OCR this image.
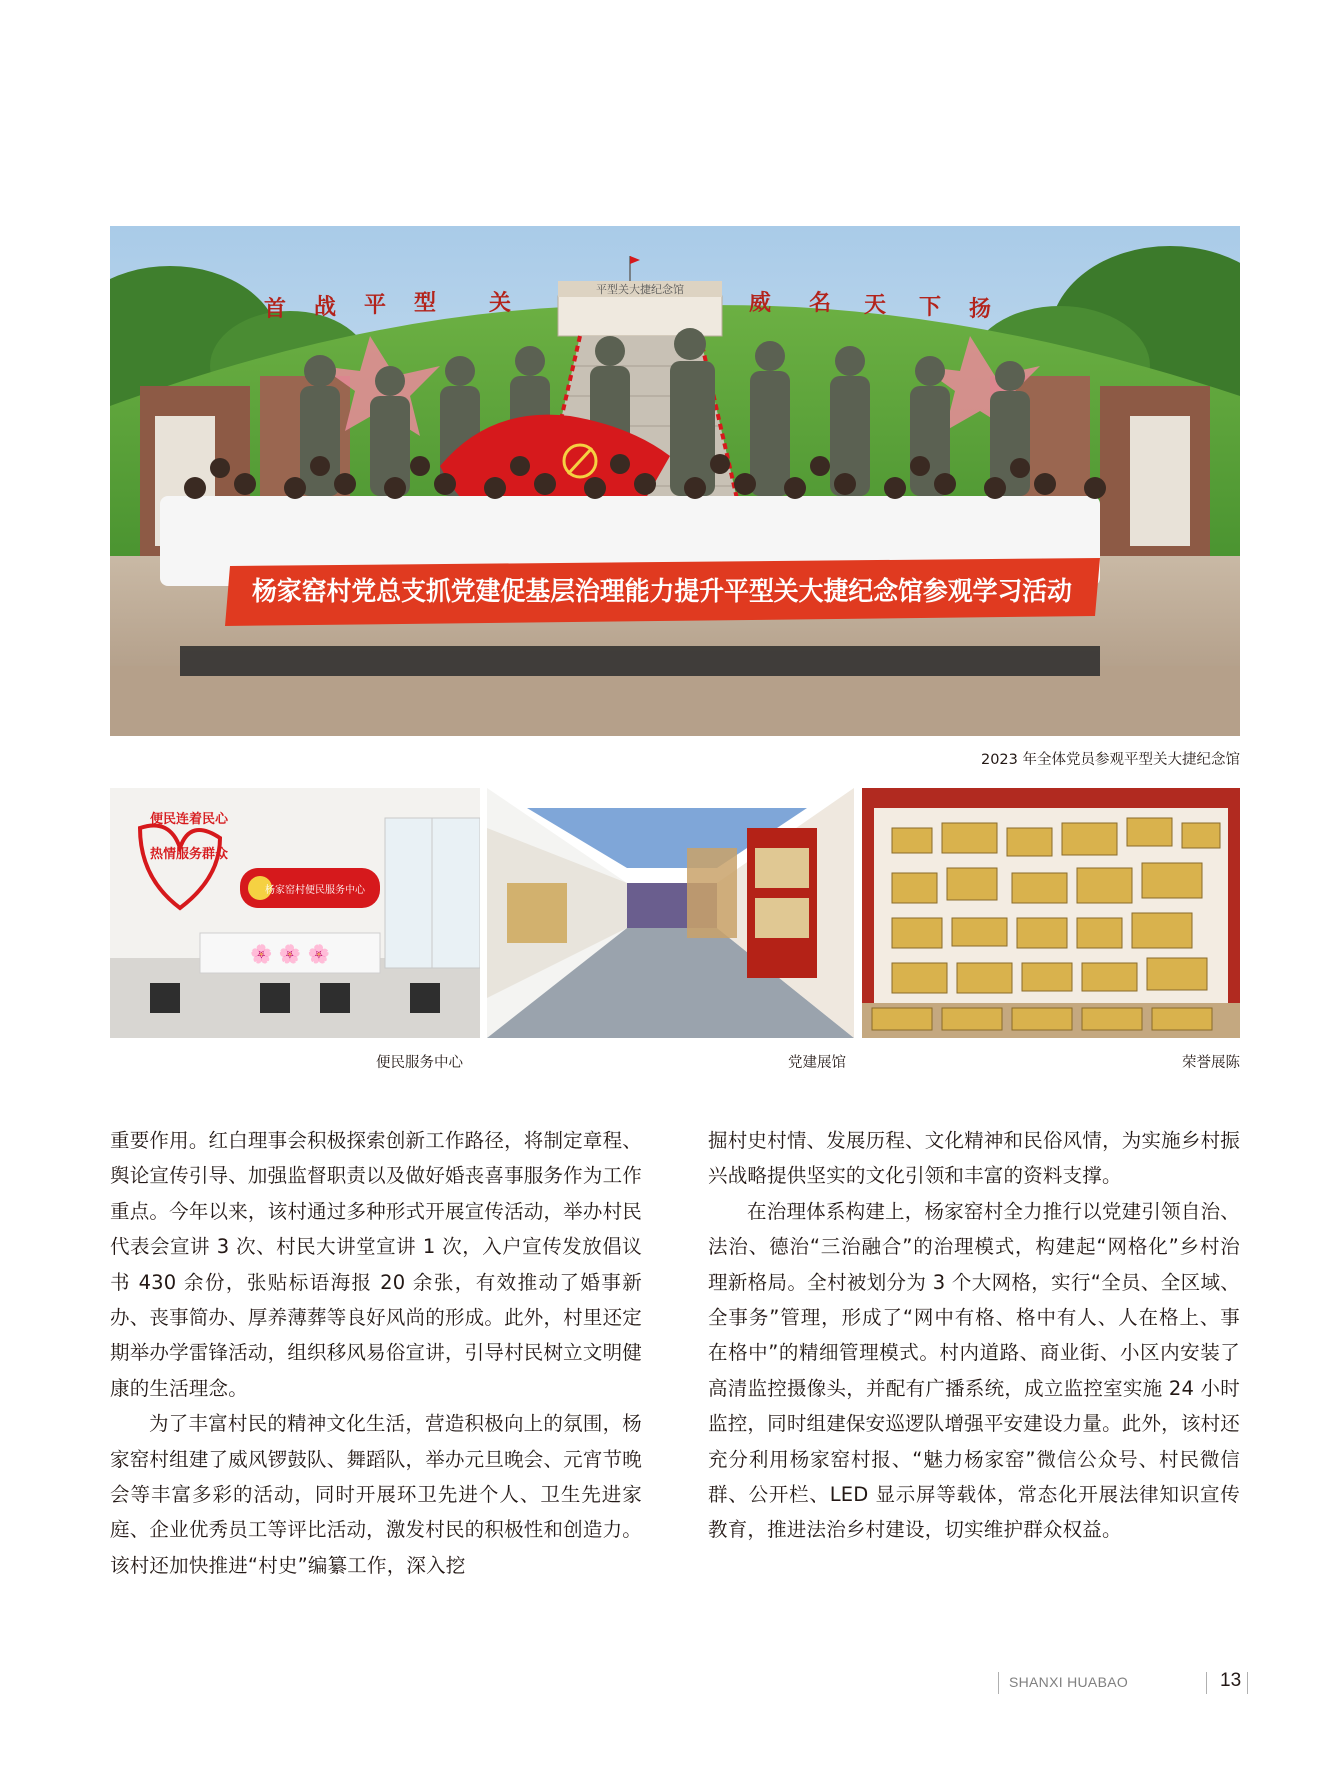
平型关大捷纪念馆
首 战 平 型 关	威 名 天 下 扬
杨家窑村党总支抓党建促基层治理能力提升平型关大捷纪念馆参观学习活动
2023 年全体党员参观平型关大捷纪念馆
便民连着民心
热情服务群众
杨家窑村便民服务中心
🌸 🌸 🌸
便民服务中心	党建展馆	荣誉展陈

重要作用。红白理事会积极探索创新工作路径，将制定章程、舆论宣传引导、加强监督职责以及做好婚丧喜事服务作为工作重点。今年以来，该村通过多种形式开展宣传活动，举办村民代表会宣讲 3 次、村民大讲堂宣讲 1 次，入户宣传发放倡议书 430 余份，张贴标语海报 20 余张，有效推动了婚事新办、丧事简办、厚养薄葬等良好风尚的形成。此外，村里还定期举办学雷锋活动，组织移风易俗宣讲，引导村民树立文明健康的生活理念。

为了丰富村民的精神文化生活，营造积极向上的氛围，杨家窑村组建了威风锣鼓队、舞蹈队，举办元旦晚会、元宵节晚会等丰富多彩的活动，同时开展环卫先进个人、卫生先进家庭、企业优秀员工等评比活动，激发村民的积极性和创造力。该村还加快推进“村史”编纂工作，深入挖

掘村史村情、发展历程、文化精神和民俗风情，为实施乡村振兴战略提供坚实的文化引领和丰富的资料支撑。

在治理体系构建上，杨家窑村全力推行以党建引领自治、法治、德治“三治融合”的治理模式，构建起“网格化”乡村治理新格局。全村被划分为 3 个大网格，实行“全员、全区域、全事务”管理，形成了“网中有格、格中有人、人在格上、事在格中”的精细管理模式。村内道路、商业街、小区内安装了高清监控摄像头，并配有广播系统，成立监控室实施 24 小时监控，同时组建保安巡逻队增强平安建设力量。此外，该村还充分利用杨家窑村报、“魅力杨家窑”微信公众号、村民微信群、公开栏、LED 显示屏等载体，常态化开展法律知识宣传教育，推进法治乡村建设，切实维护群众权益。

SHANXI HUABAO	13
